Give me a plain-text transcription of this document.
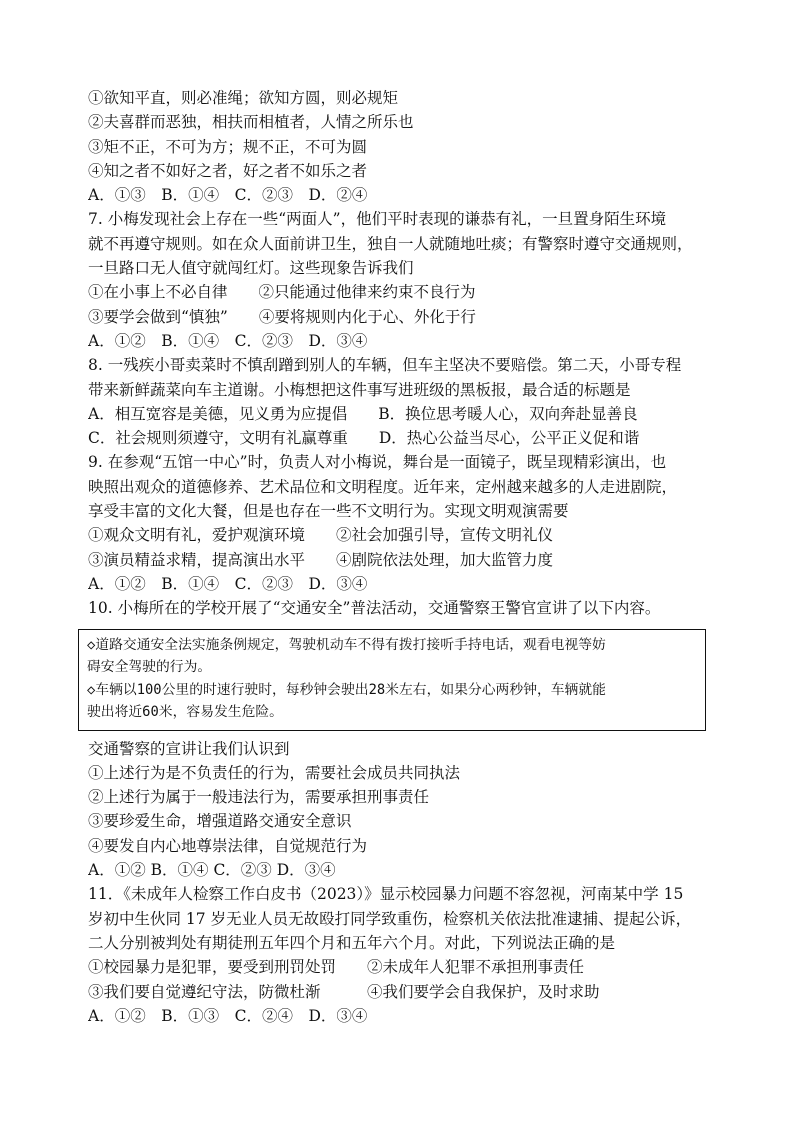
①欲知平直，则必准绳；欲知方圆，则必规矩
②夫喜群而恶独，相扶而相植者，人情之所乐也
③矩不正，不可为方；规不正，不可为圆
④知之者不如好之者，好之者不如乐之者
A．①③　B．①④　C．②③　D．②④
7. 小梅发现社会上存在一些“两面人”，他们平时表现的谦恭有礼，一旦置身陌生环境
就不再遵守规则。如在众人面前讲卫生，独自一人就随地吐痰；有警察时遵守交通规则，
一旦路口无人值守就闯红灯。这些现象告诉我们
①在小事上不必自律　　②只能通过他律来约束不良行为
③要学会做到“慎独”　　④要将规则内化于心、外化于行
A．①②　B．①④　C．②③　D．③④
8. 一残疾小哥卖菜时不慎刮蹭到别人的车辆，但车主坚决不要赔偿。第二天，小哥专程
带来新鲜蔬菜向车主道谢。小梅想把这件事写进班级的黑板报，最合适的标题是
A．相互宽容是美德，见义勇为应提倡　　B．换位思考暖人心，双向奔赴显善良
C．社会规则须遵守，文明有礼赢尊重　　D．热心公益当尽心，公平正义促和谐
9. 在参观“五馆一中心”时，负责人对小梅说，舞台是一面镜子，既呈现精彩演出，也
映照出观众的道德修养、艺术品位和文明程度。近年来，定州越来越多的人走进剧院，
享受丰富的文化大餐，但是也存在一些不文明行为。实现文明观演需要
①观众文明有礼，爱护观演环境　　②社会加强引导，宣传文明礼仪
③演员精益求精，提高演出水平　　④剧院依法处理，加大监管力度
A．①②　B．①④　C．②③　D．③④
10. 小梅所在的学校开展了“交通安全”普法活动，交通警察王警官宣讲了以下内容。
◇道路交通安全法实施条例规定，驾驶机动车不得有拨打接听手持电话，观看电视等妨
碍安全驾驶的行为。
◇车辆以100公里的时速行驶时，每秒钟会驶出28米左右，如果分心两秒钟，车辆就能
驶出将近60米，容易发生危险。
交通警察的宣讲让我们认识到
①上述行为是不负责任的行为，需要社会成员共同执法
②上述行为属于一般违法行为，需要承担刑事责任
③要珍爱生命，增强道路交通安全意识
④要发自内心地尊崇法律，自觉规范行为
A．①② B．①④ C．②③ D．③④
11．《未成年人检察工作白皮书（2023）》显示校园暴力问题不容忽视，河南某中学 15
岁初中生伙同 17 岁无业人员无故殴打同学致重伤，检察机关依法批准逮捕、提起公诉，
二人分别被判处有期徒刑五年四个月和五年六个月。对此，下列说法正确的是
①校园暴力是犯罪，要受到刑罚处罚　　②未成年人犯罪不承担刑事责任
③我们要自觉遵纪守法，防微杜渐　　　④我们要学会自我保护，及时求助
A．①②　B．①③　C．②④　D．③④
